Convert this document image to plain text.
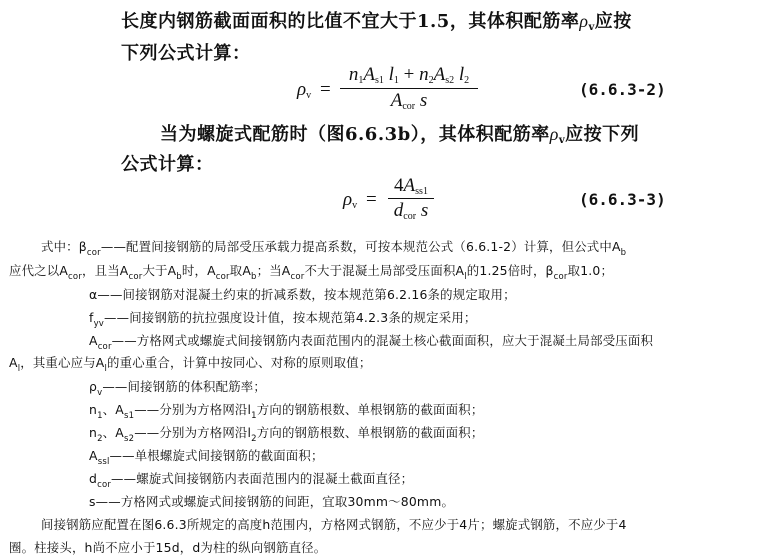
长度内钢筋截面面积的比值不宜大于1.5，其体积配筋率$\rho_v$应按
下列公式计算：
$\rho_v$ =
$n_1A_{s1}$ $l_1 + n_2A_{s2}$ $l_2$
$A_{cor}$ s
(6.6.3-2)
当为螺旋式配筋时（图6.6.3b），其体积配筋率$\rho_v$应按下列
公式计算：
$\rho_v$ =
$4A_{ss1}$
$d_{cor}$ s
(6.6.3-3)
式中：$\beta_{cor}——$配置间接钢筋的局部受压承载力提高系数，可按本规范公式（6.6.1-2）计算，但公式中$A_b$
应代之以$A_{cor}$，且当$A_{cor}$大于$A_b$时，$A_{cor}$取$A_b$；当$A_{cor}$不大于混凝土局部受压面积$A_l$的1.25倍时，$\beta_{cor}$取1.0；
α——间接钢筋对混凝土约束的折减系数，按本规范第6.2.16条的规定取用；
$f_{yv}——$间接钢筋的抗拉强度设计值，按本规范第4.2.3条的规定采用；
$A_{cor}——$方格网式或螺旋式间接钢筋内表面范围内的混凝土核心截面面积，应大于混凝土局部受压面积
$A_l$，其重心应与$A_l$的重心重合，计算中按同心、对称的原则取值；
$\rho_v——$间接钢筋的体积配筋率；
$n_1$、$A_{s1}——$分别为方格网沿$l_1$方向的钢筋根数、单根钢筋的截面面积；
$n_2$、$A_{s2}——$分别为方格网沿$l_2$方向的钢筋根数、单根钢筋的截面面积；
$A_{ssl}——$单根螺旋式间接钢筋的截面面积；
$d_{cor}——$螺旋式间接钢筋内表面范围内的混凝土截面直径；
s——方格网式或螺旋式间接钢筋的间距，宜取30mm～80mm。
间接钢筋应配置在图6.6.3所规定的高度h范围内，方格网式钢筋，不应少于4片；螺旋式钢筋，不应少于4
圈。柱接头，h尚不应小于15d，d为柱的纵向钢筋直径。
